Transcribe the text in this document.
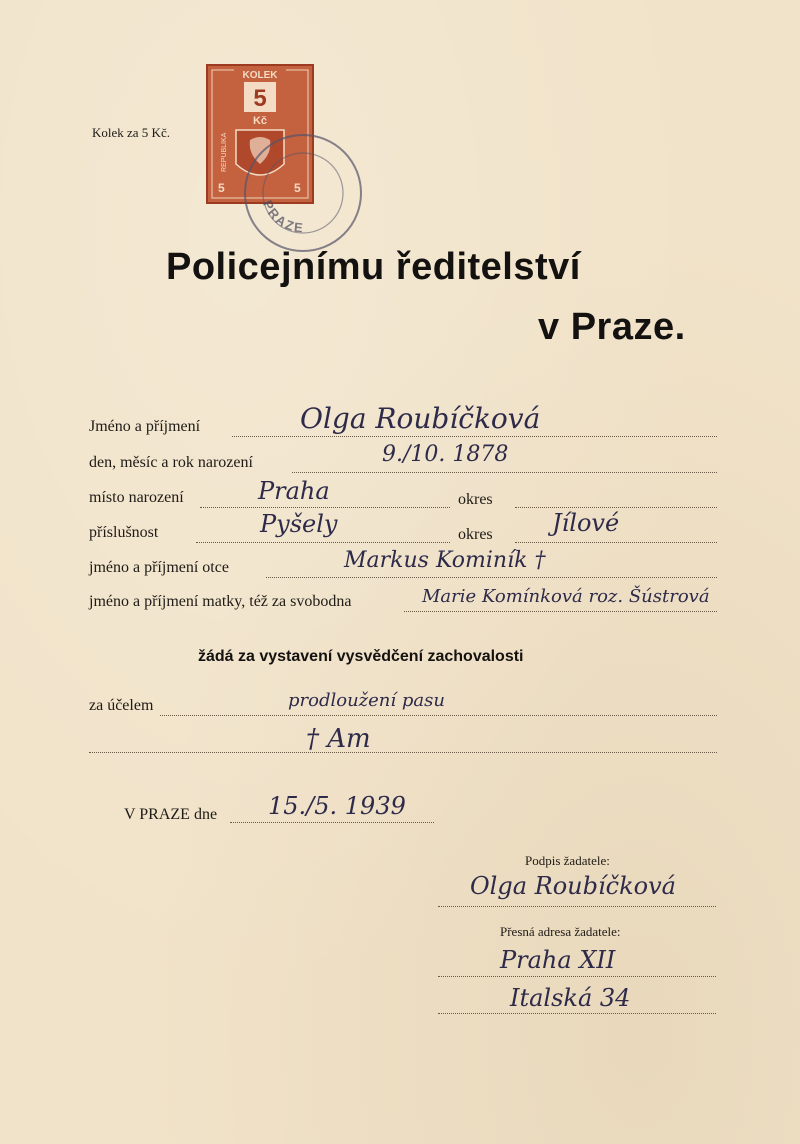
Kolek za 5 Kč.
KOLEK
5
Kč
REPUBLIKA
5	5
PRAZE
Policejnímu ředitelství
v Praze.
Jméno a příjmení	Olga Roubíčková
den, měsíc a rok narození	9./10. 1878
místo narození	Praha	okres
příslušnost	Pyšely	okres Jílové
jméno a příjmení otce	Markus Kominík †
jméno a příjmení matky, též za svobodna	Marie Komínková roz. Šústrová
žádá za vystavení vysvědčení zachovalosti
za účelem	prodloužení pasu
† Am
V PRAZE dne 15./5. 1939
Podpis žadatele:
Olga Roubíčková
Přesná adresa žadatele:
Praha XII
Italská 34
